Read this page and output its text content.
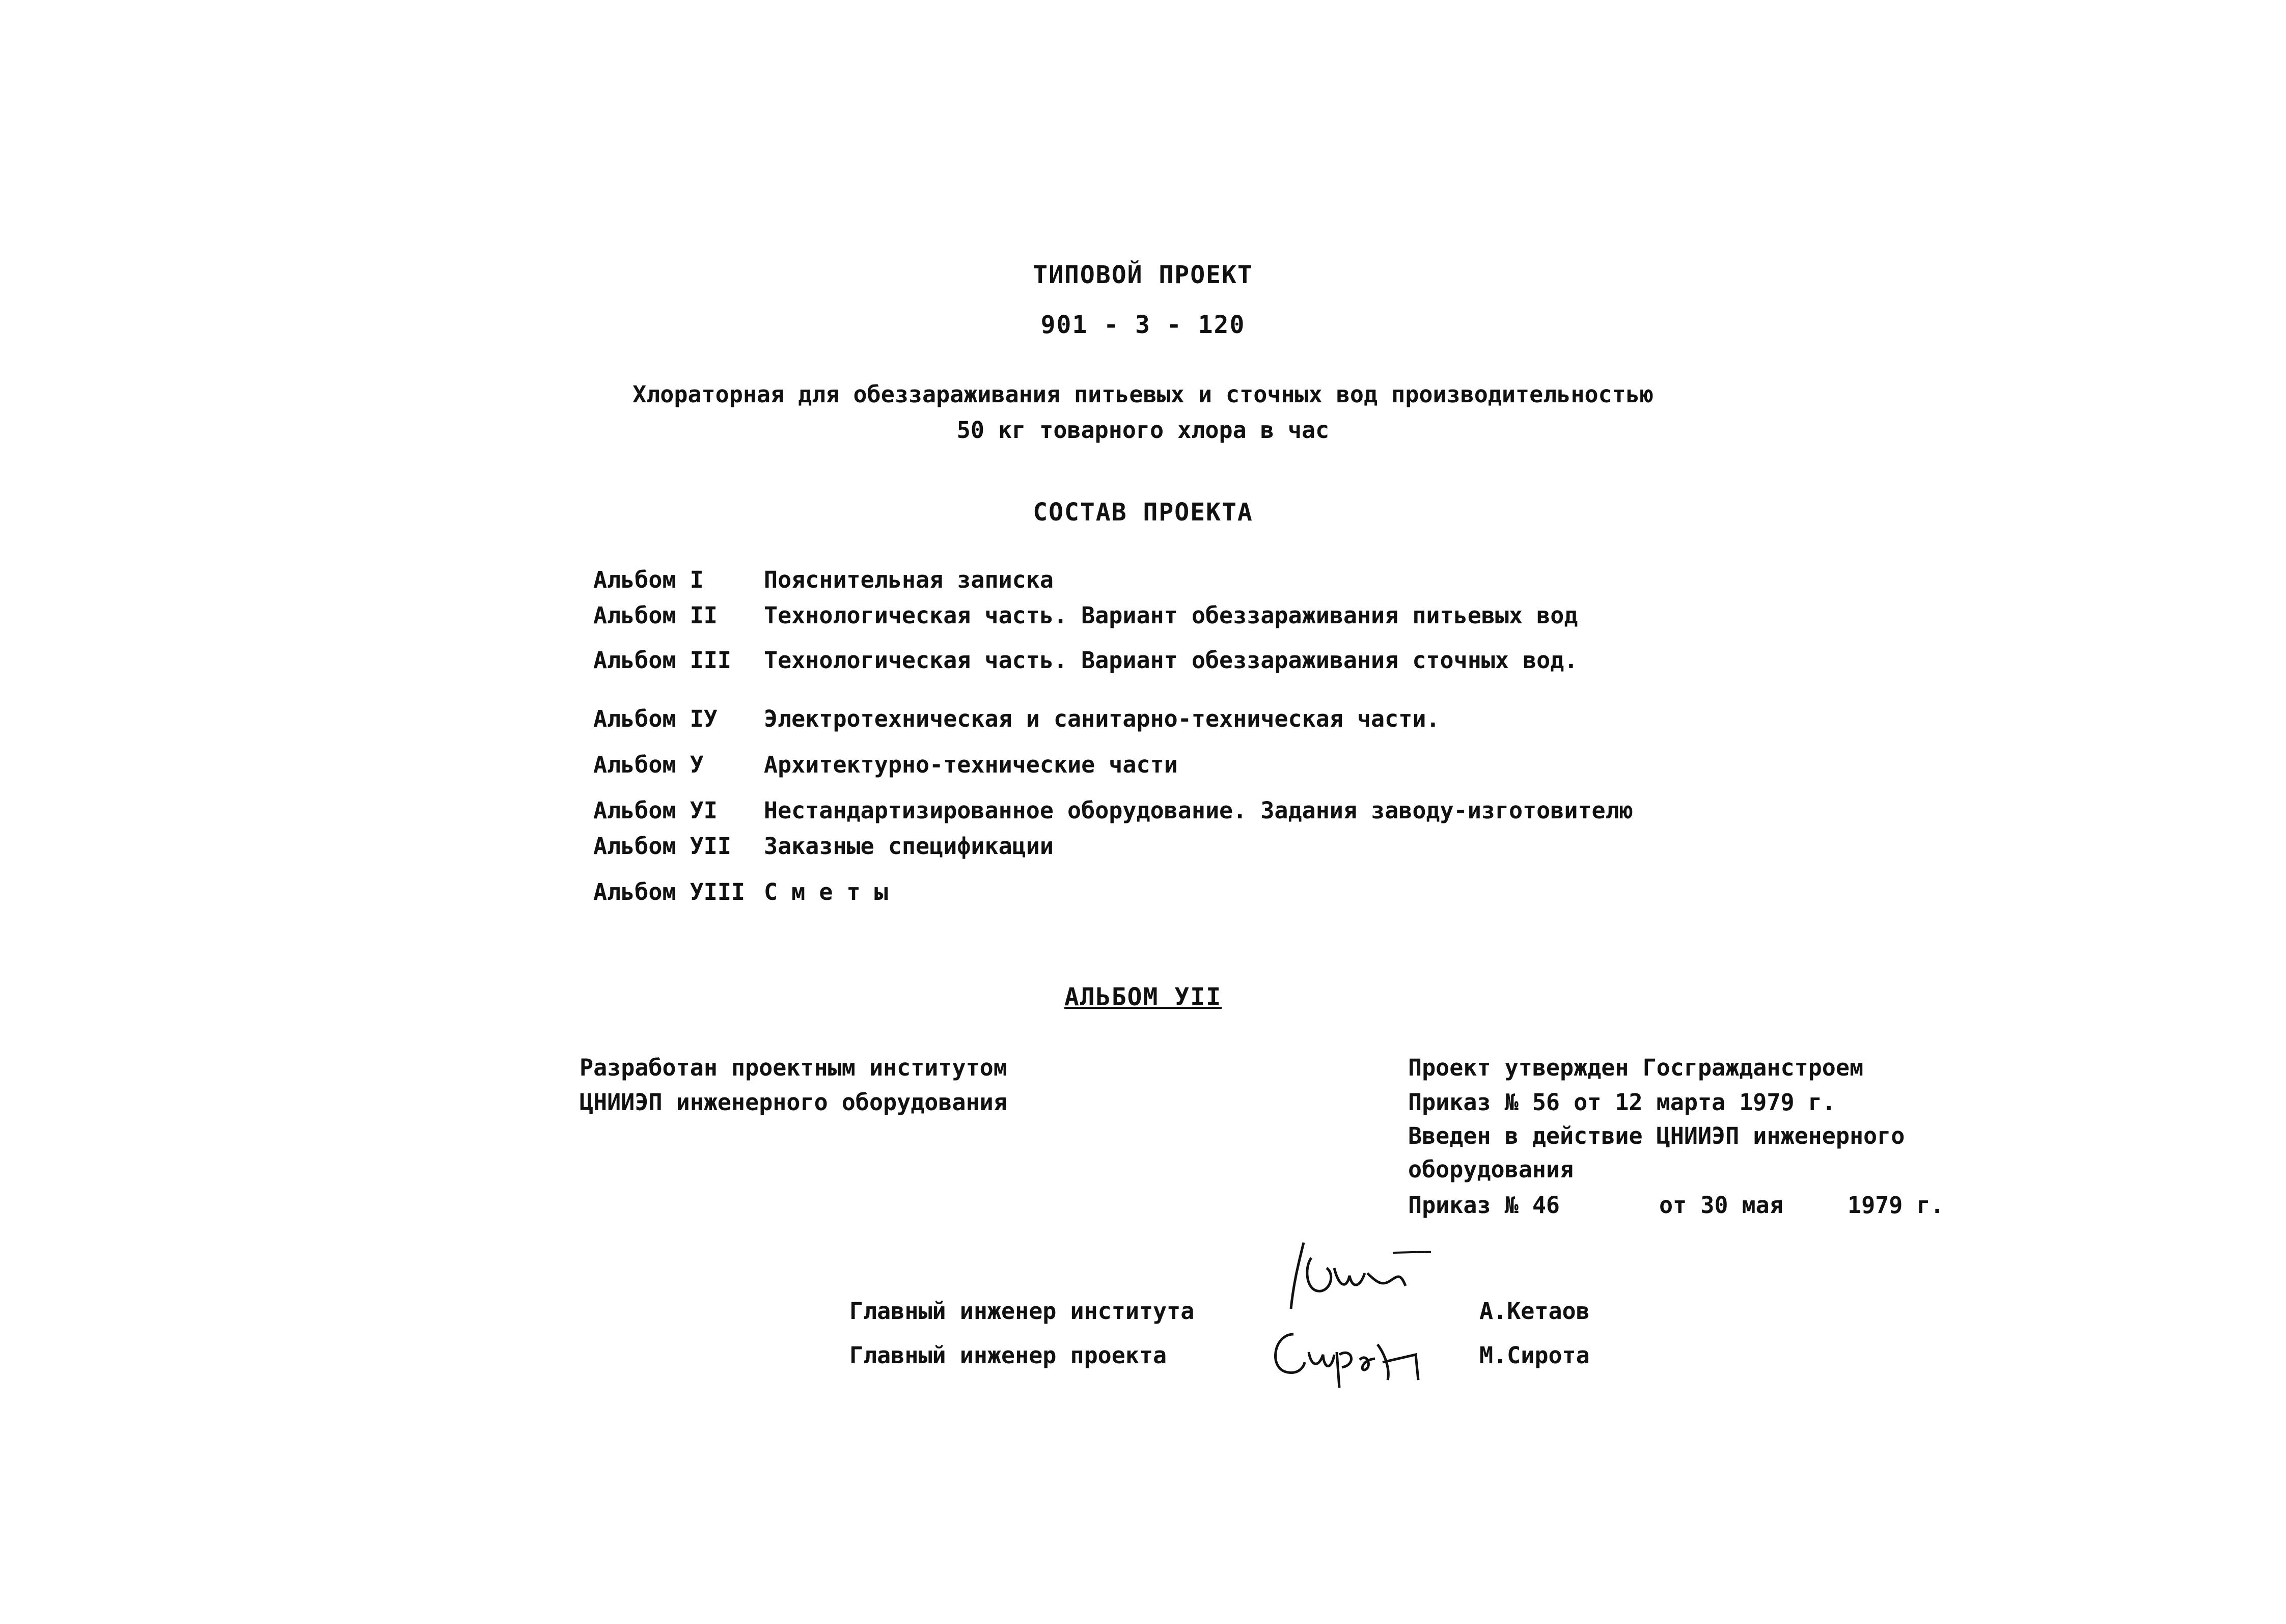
ТИПОВОЙ ПРОЕКТ
901 - 3 - 120
Хлораторная для обеззараживания питьевых и сточных вод производительностью
50 кг товарного хлора в час
СОСТАВ ПРОЕКТА
Альбом I	Пояснительная записка
Альбом II Технологическая часть. Вариант обеззараживания питьевых вод
Альбом III Технологическая часть. Вариант обеззараживания сточных вод.
Альбом IУ Электротехническая и санитарно-техническая части.
Альбом У	Архитектурно-технические части
Альбом УI Нестандартизированное оборудование. Задания заводу-изготовителю
Альбом УII Заказные спецификации
Альбом УIII С м е т ы
АЛЬБОМ УII
Разработан проектным институтом
ЦНИИЭП инженерного оборудования
Проект утвержден Госгражданстроем
Приказ № 56 от 12 марта 1979 г.
Введен в действие ЦНИИЭП инженерного
оборудования
Приказ № 46	от 30 мая	1979 г.
Главный инженер института	А.Кетаов
Главный инженер проекта	М.Сирота
